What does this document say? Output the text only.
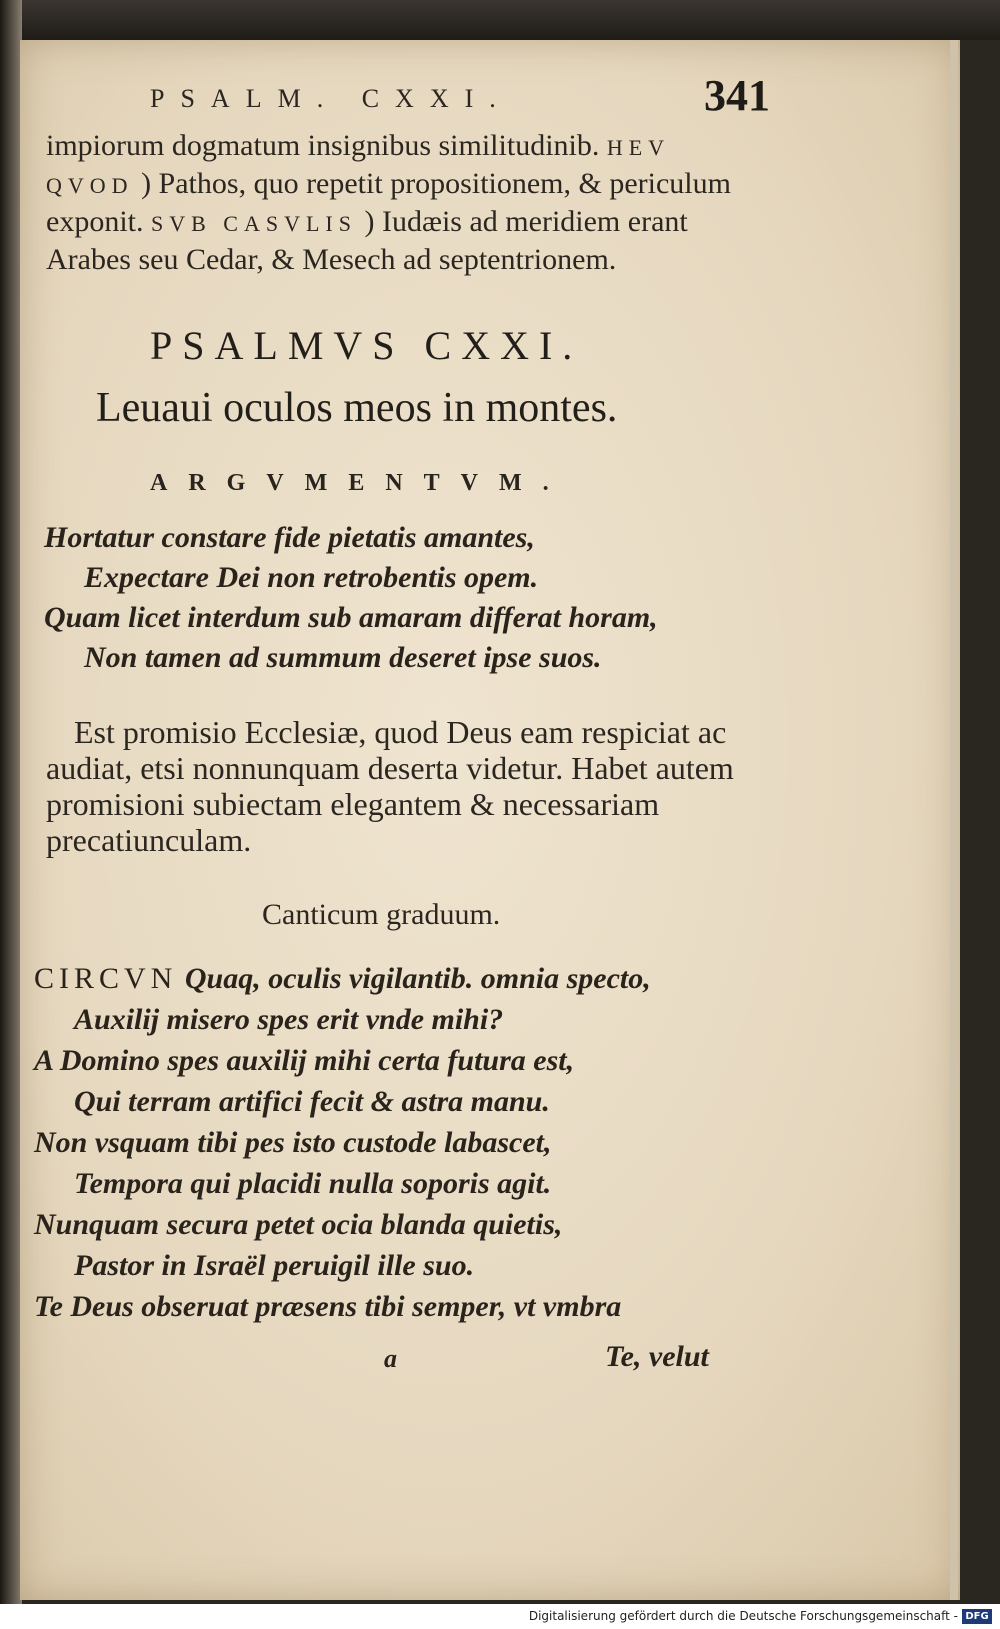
PSALM. CXXI.	341

impiorum dogmatum insignibus similitudinib. HEV QVOD ) Pathos, quo repetit propositionem, & periculum exponit. SVB CASVLIS ) Iudæis ad meridiem erant Arabes seu Cedar, & Mesech ad septentrionem.

PSALMVS CXXI.
Leuaui oculos meos in montes.
ARGVMENTVM.
Hortatur constare fide pietatis amantes,
Expectare Dei non retrobentis opem.
Quam licet interdum sub amaram differat horam,
Non tamen ad summum deseret ipse suos.

Est promisio Ecclesiæ, quod Deus eam respiciat ac audiat, etsi nonnunquam deserta videtur. Habet autem promisioni subiectam elegantem & necessariam precatiunculam.

Canticum graduum.
CIRCVN Quaq, oculis vigilantib. omnia specto,
Auxilij misero spes erit vnde mihi?
A Domino spes auxilij mihi certa futura est,
Qui terram artifici fecit & astra manu.
Non vsquam tibi pes isto custode labascet,
Tempora qui placidi nulla soporis agit.
Nunquam secura petet ocia blanda quietis,
Pastor in Israël peruigil ille suo.
Te Deus obseruat præsens tibi semper, vt vmbra
a	Te, velut
Digitalisierung gefördert durch die Deutsche Forschungsgemeinschaft - DFG
